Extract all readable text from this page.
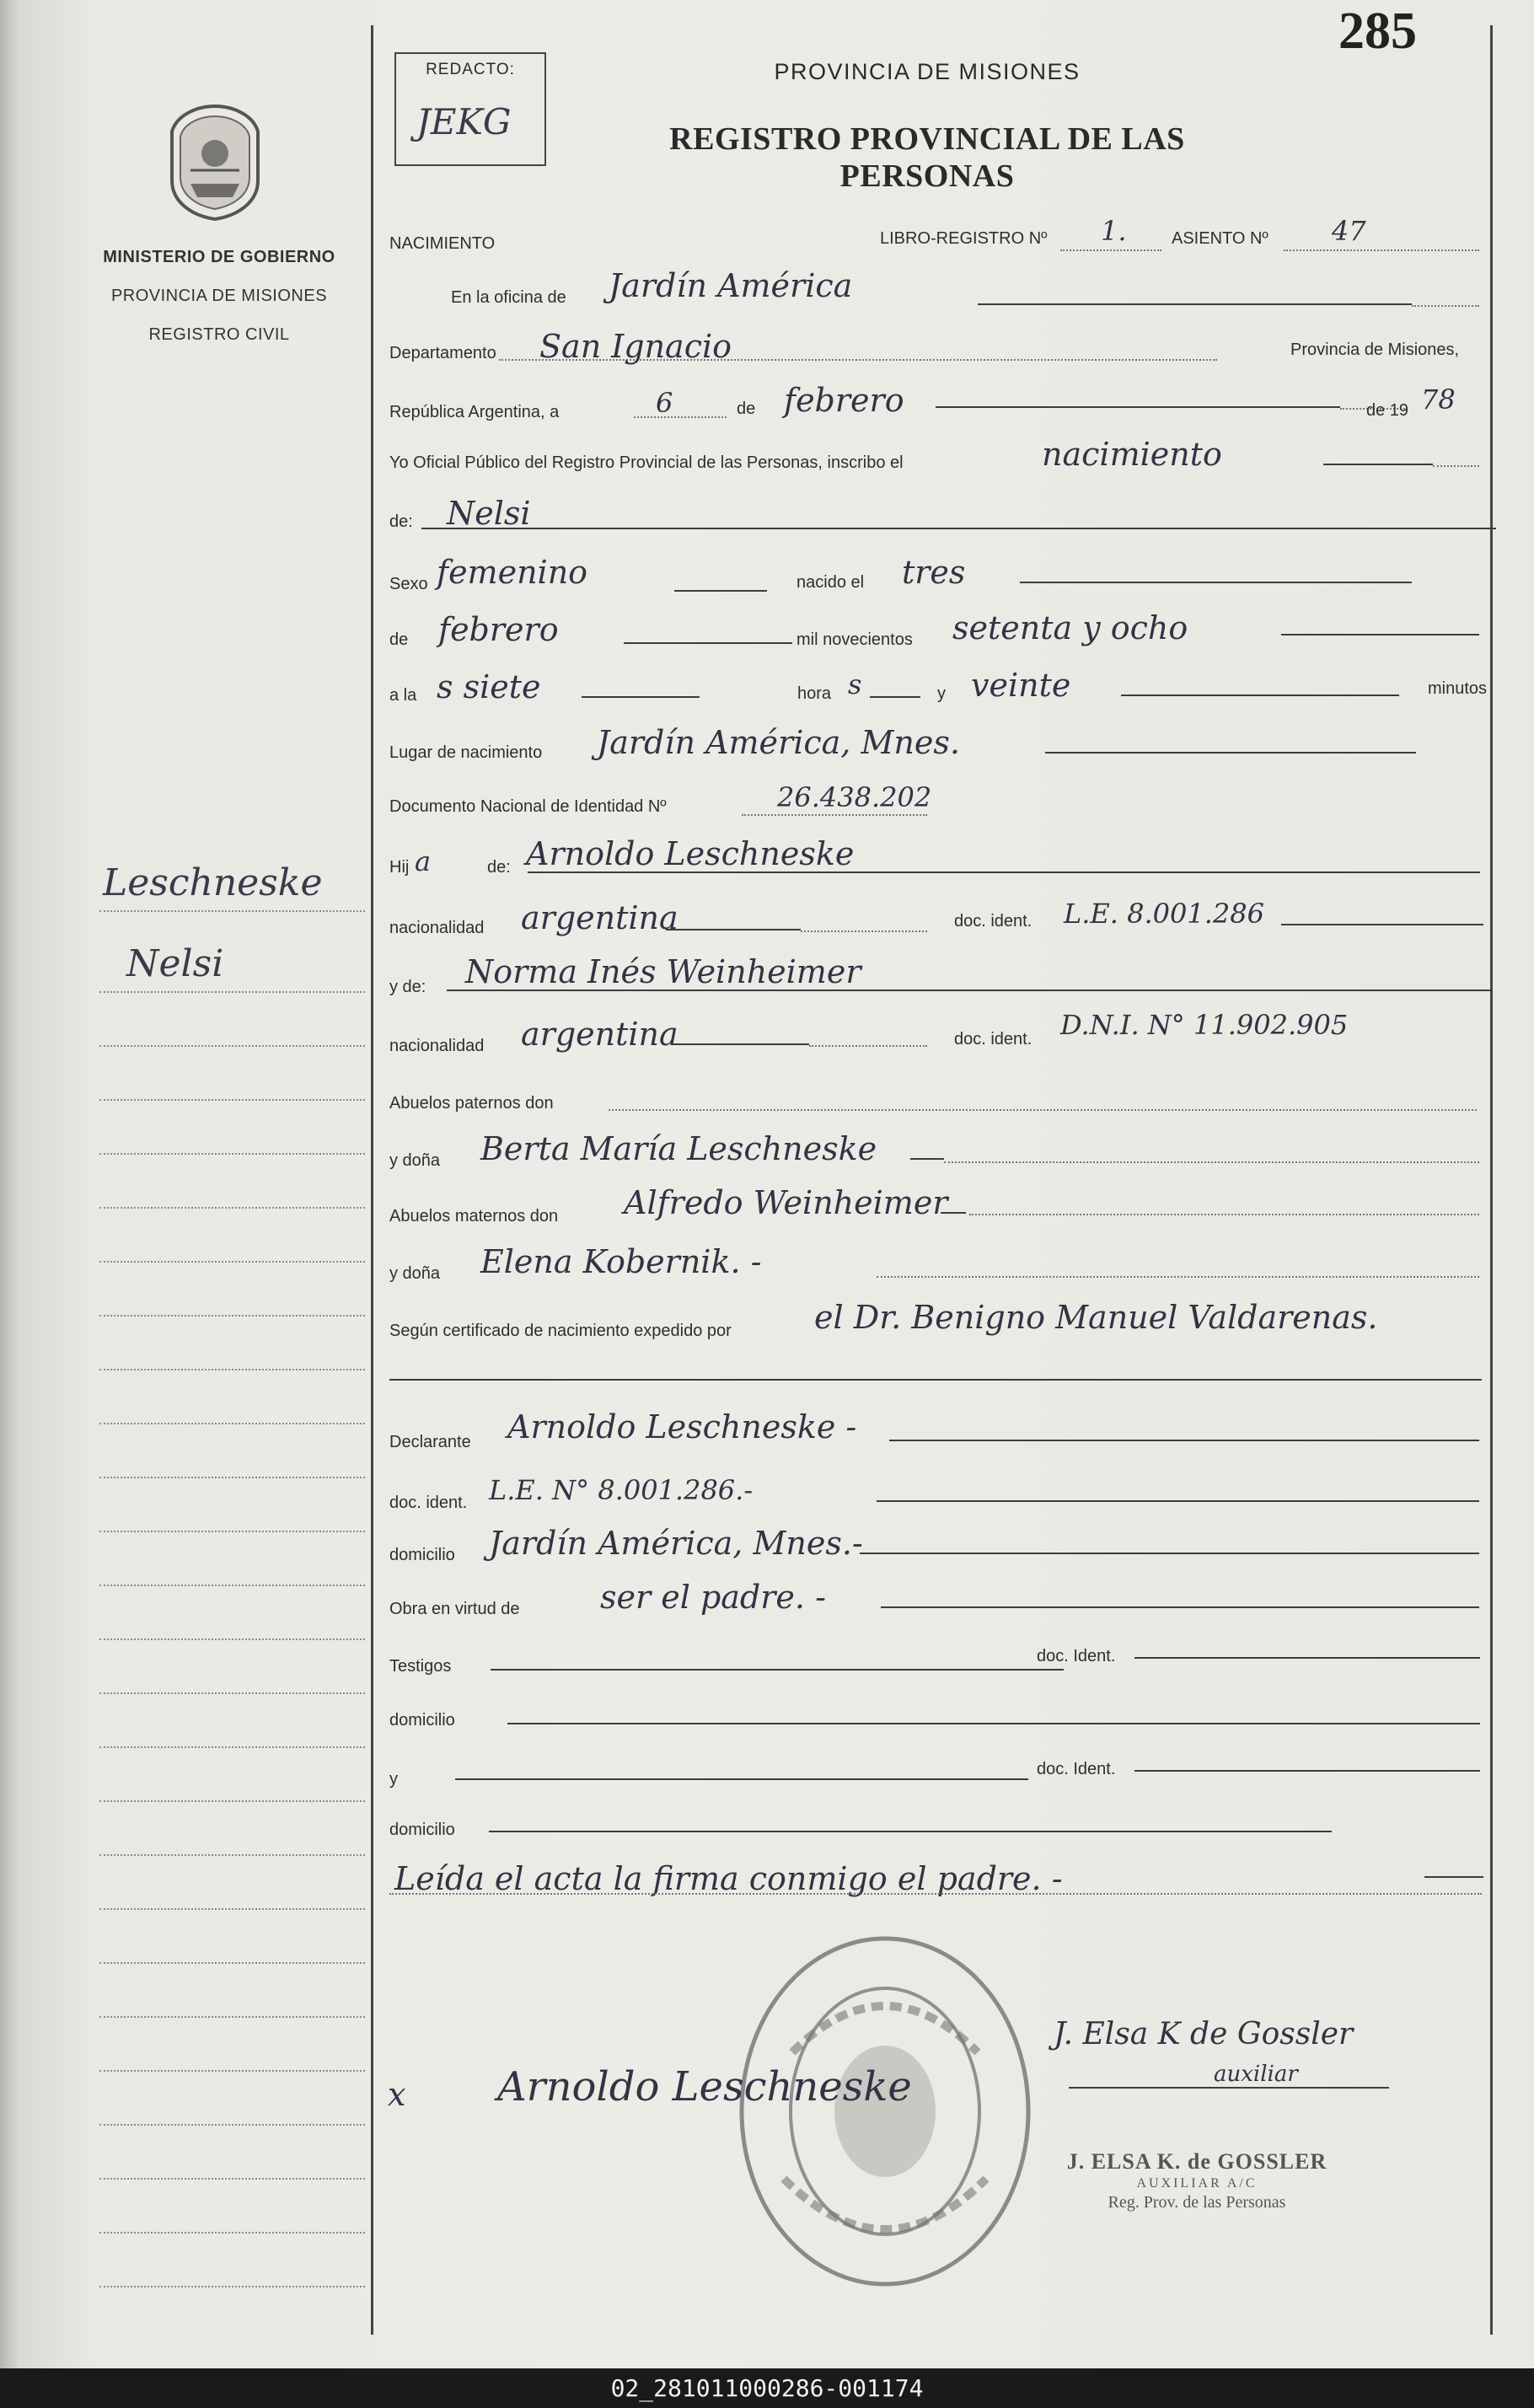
MINISTERIO DE GOBIERNO
PROVINCIA DE MISIONES
REGISTRO CIVIL
Leschneske
Nelsi
REDACTO:
JEKG
285
PROVINCIA DE MISIONES
REGISTRO PROVINCIAL DE LAS PERSONAS
NACIMIENTO	LIBRO-REGISTRO Nº 1.	ASIENTO Nº 47
En la oficina de Jardín América
Departamento San Ignacio	Provincia de Misiones,
República Argentina, a	6	de febrero	de 19 78
Yo Oficial Público del Registro Provincial de las Personas, inscribo el	nacimiento
de: Nelsi
Sexo femenino	nacido el tres
de febrero	mil novecientos setenta y ocho
a la s siete	hora s	y veinte	minutos
Lugar de nacimiento Jardín América, Mnes.
Documento Nacional de Identidad Nº	26.438.202
Hij a	de: Arnoldo Leschneske
nacionalidad argentina	doc. ident. L.E. 8.001.286
y de: Norma Inés Weinheimer
nacionalidad argentina	doc. ident. D.N.I. N° 11.902.905
Abuelos paternos don
y doña Berta María Leschneske
Abuelos maternos don Alfredo Weinheimer
y doña Elena Kobernik. -
Según certificado de nacimiento expedido por	el Dr. Benigno Manuel Valdarenas.
Declarante Arnoldo Leschneske -
doc. ident. L.E. N° 8.001.286.-
domicilio Jardín América, Mnes.-
Obra en virtud de	ser el padre. -
Testigos
doc. Ident.
domicilio
y
doc. Ident.
domicilio
Leída el acta la firma conmigo el padre. -
x Arnoldo Leschneske
J. Elsa K de Gossler
auxiliar
J. ELSA K. de GOSSLER
AUXILIAR A/C
Reg. Prov. de las Personas
02_281011000286-001174
